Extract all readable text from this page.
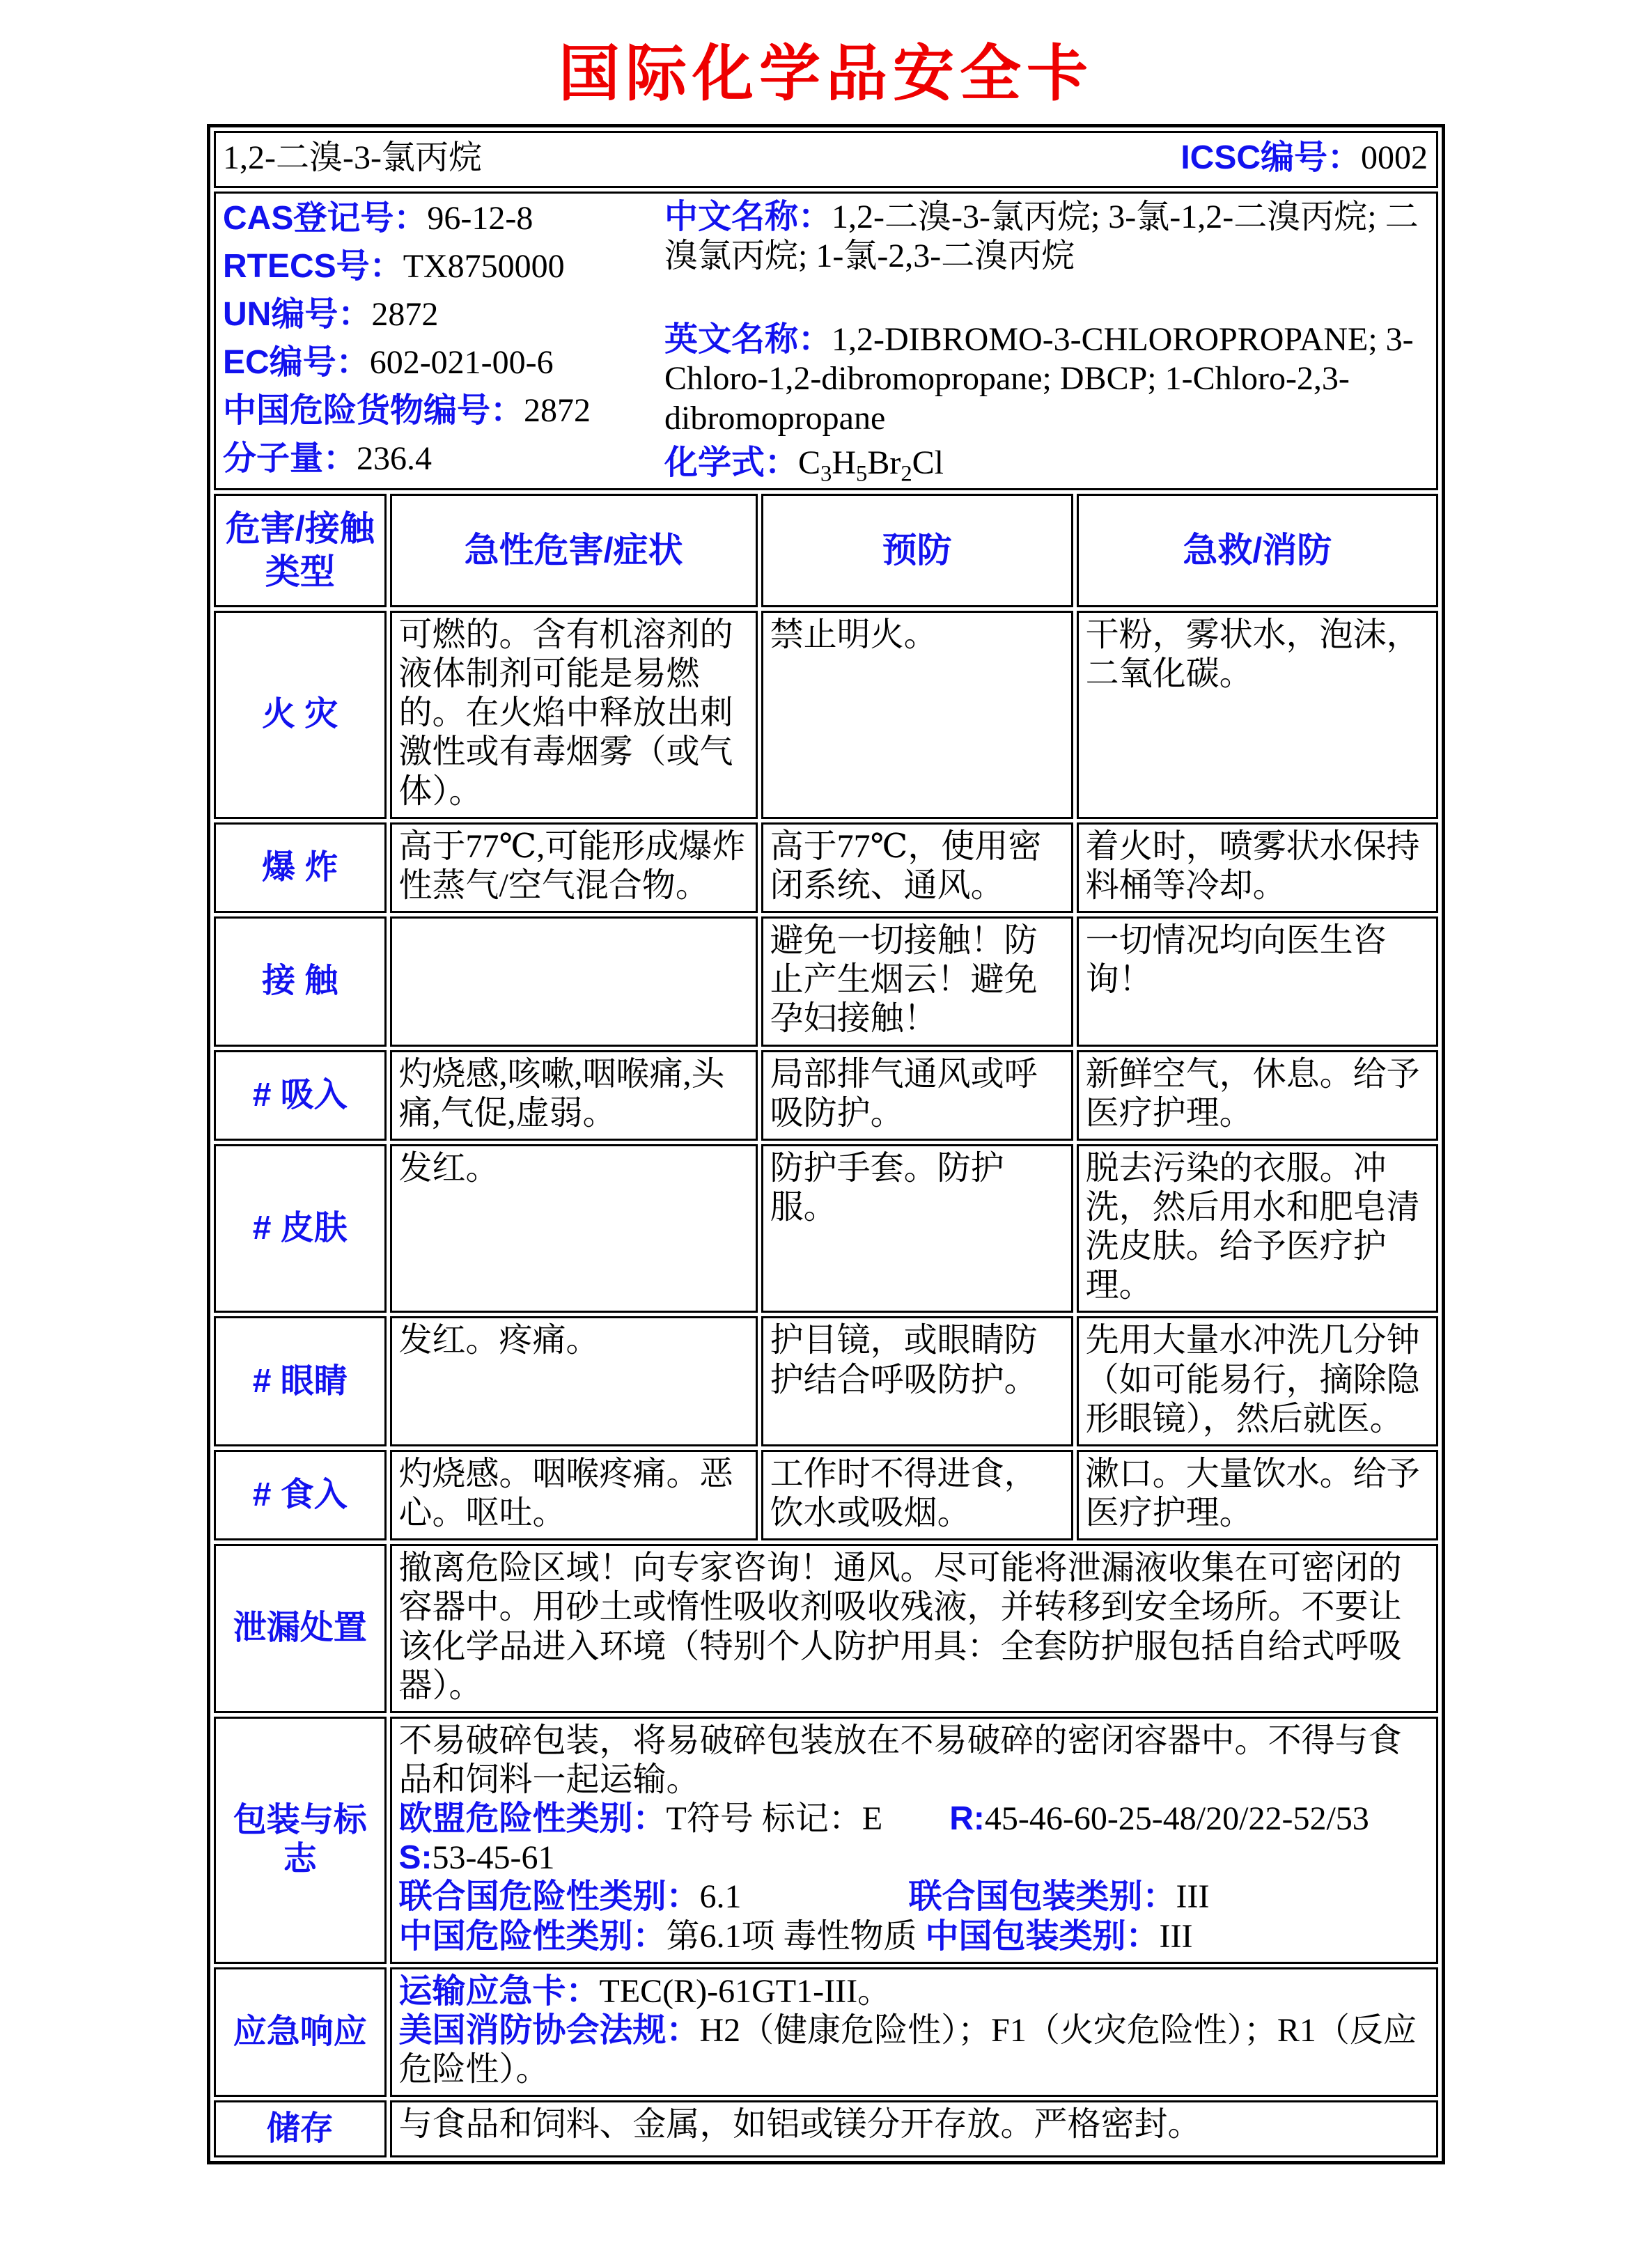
国际化学品安全卡
1,2-二溴-3-氯丙烷 ICSC编号：0002			

CAS登记号：96-12-8
RTECS号：TX8750000
UN编号：2872
EC编号：602-021-00-6
中国危险货物编号：2872
分子量：236.4

中文名称：1,2-二溴-3-氯丙烷; 3-氯-1,2-二溴丙烷; 二溴氯丙烷; 1-氯-2,3-二溴丙烷

英文名称：1,2-DIBROMO-3-CHLOROPROPANE; 3-Chloro-1,2-dibromopropane; DBCP; 1-Chloro-2,3-dibromopropane

化学式：$C_3H_5Br_2Cl$

危害/接触类型	急性危害/症状	预防	急救/消防
火 灾	可燃的。含有机溶剂的液体制剂可能是易燃的。在火焰中释放出刺激性或有毒烟雾（或气体）。	禁止明火。	干粉，雾状水，泡沫，二氧化碳。
爆 炸	高于77℃,可能形成爆炸性蒸气/空气混合物。	高于77℃，使用密闭系统、通风。	着火时，喷雾状水保持料桶等冷却。
接 触		避免一切接触！防止产生烟云！避免孕妇接触！	一切情况均向医生咨询！
# 吸入	灼烧感,咳嗽,咽喉痛,头痛,气促,虚弱。	局部排气通风或呼吸防护。	新鲜空气，休息。给予医疗护理。
# 皮肤	发红。	防护手套。防护服。	脱去污染的衣服。冲洗，然后用水和肥皂清洗皮肤。给予医疗护理。
# 眼睛	发红。疼痛。	护目镜，或眼睛防护结合呼吸防护。	先用大量水冲洗几分钟（如可能易行，摘除隐形眼镜），然后就医。
# 食入	灼烧感。咽喉疼痛。恶心。呕吐。	工作时不得进食，饮水或吸烟。	漱口。大量饮水。给予医疗护理。
泄漏处置	撤离危险区域！向专家咨询！通风。尽可能将泄漏液收集在可密闭的容器中。用砂土或惰性吸收剂吸收残液，并转移到安全场所。不要让该化学品进入环境（特别个人防护用具：全套防护服包括自给式呼吸器）。		
包装与标志	不易破碎包装，将易破碎包装放在不易破碎的密闭容器中。不得与食品和饲料一起运输。
欧盟危险性类别：T符号 标记：E　　 R:45-46-60-25-48/20/22-52/53
S:53-45-61
联合国危险性类别：6.1　　　　　 联合国包装类别：III
中国危险性类别：第6.1项 毒性物质 中国包装类别：III		

应急响应	运输应急卡：TEC(R)-61GT1-III。
美国消防协会法规：H2（健康危险性）；F1（火灾危险性）；R1（反应危险性）。		

储存	与食品和饲料、金属，如铝或镁分开存放。严格密封。		
